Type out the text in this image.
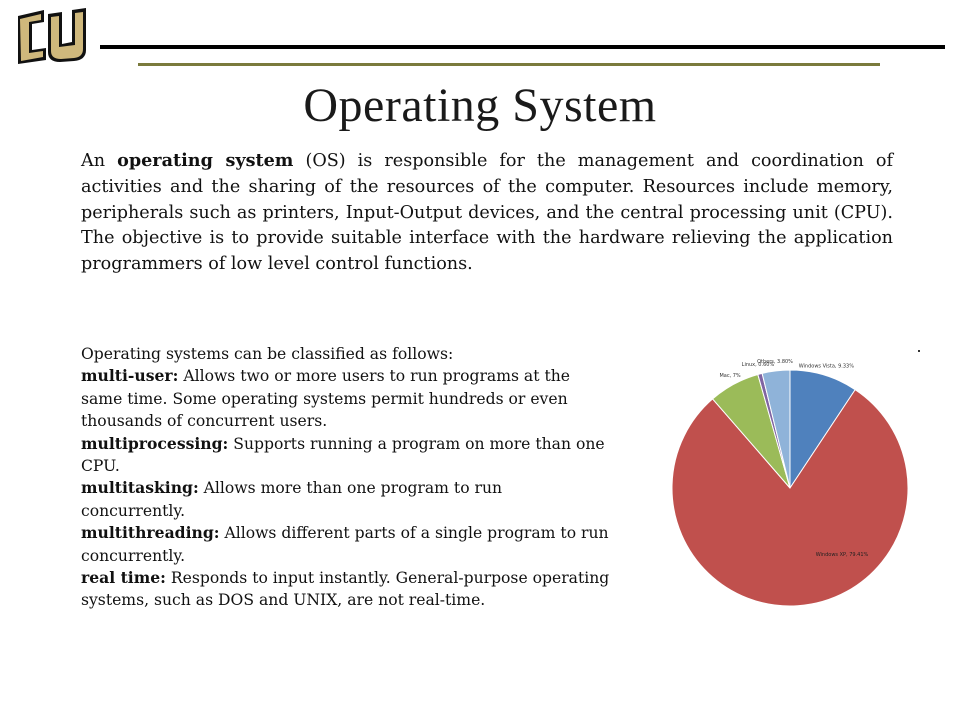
Operating System

An operating system (OS) is responsible for the management and coordination of activities and the sharing of the resources of the computer. Resources include memory, peripherals such as printers, Input-Output devices, and the central processing unit (CPU). The objective is to provide suitable interface with the hardware relieving the application programmers of low level control functions.

Operating systems can be classified as follows:
multi-user: Allows two or more users to run programs at the same time. Some operating systems permit hundreds or even thousands of concurrent users.
multiprocessing: Supports running a program on more than one CPU.
multitasking: Allows more than one program to run concurrently.
multithreading: Allows different parts of a single program to run concurrently.
real time: Responds to input instantly. General-purpose operating systems, such as DOS and UNIX, are not real-time.

Windows Vista, 9.33%
Windows XP, 79.41%
Mac, 7%
Linux, 0.60%
Others, 3.80%
